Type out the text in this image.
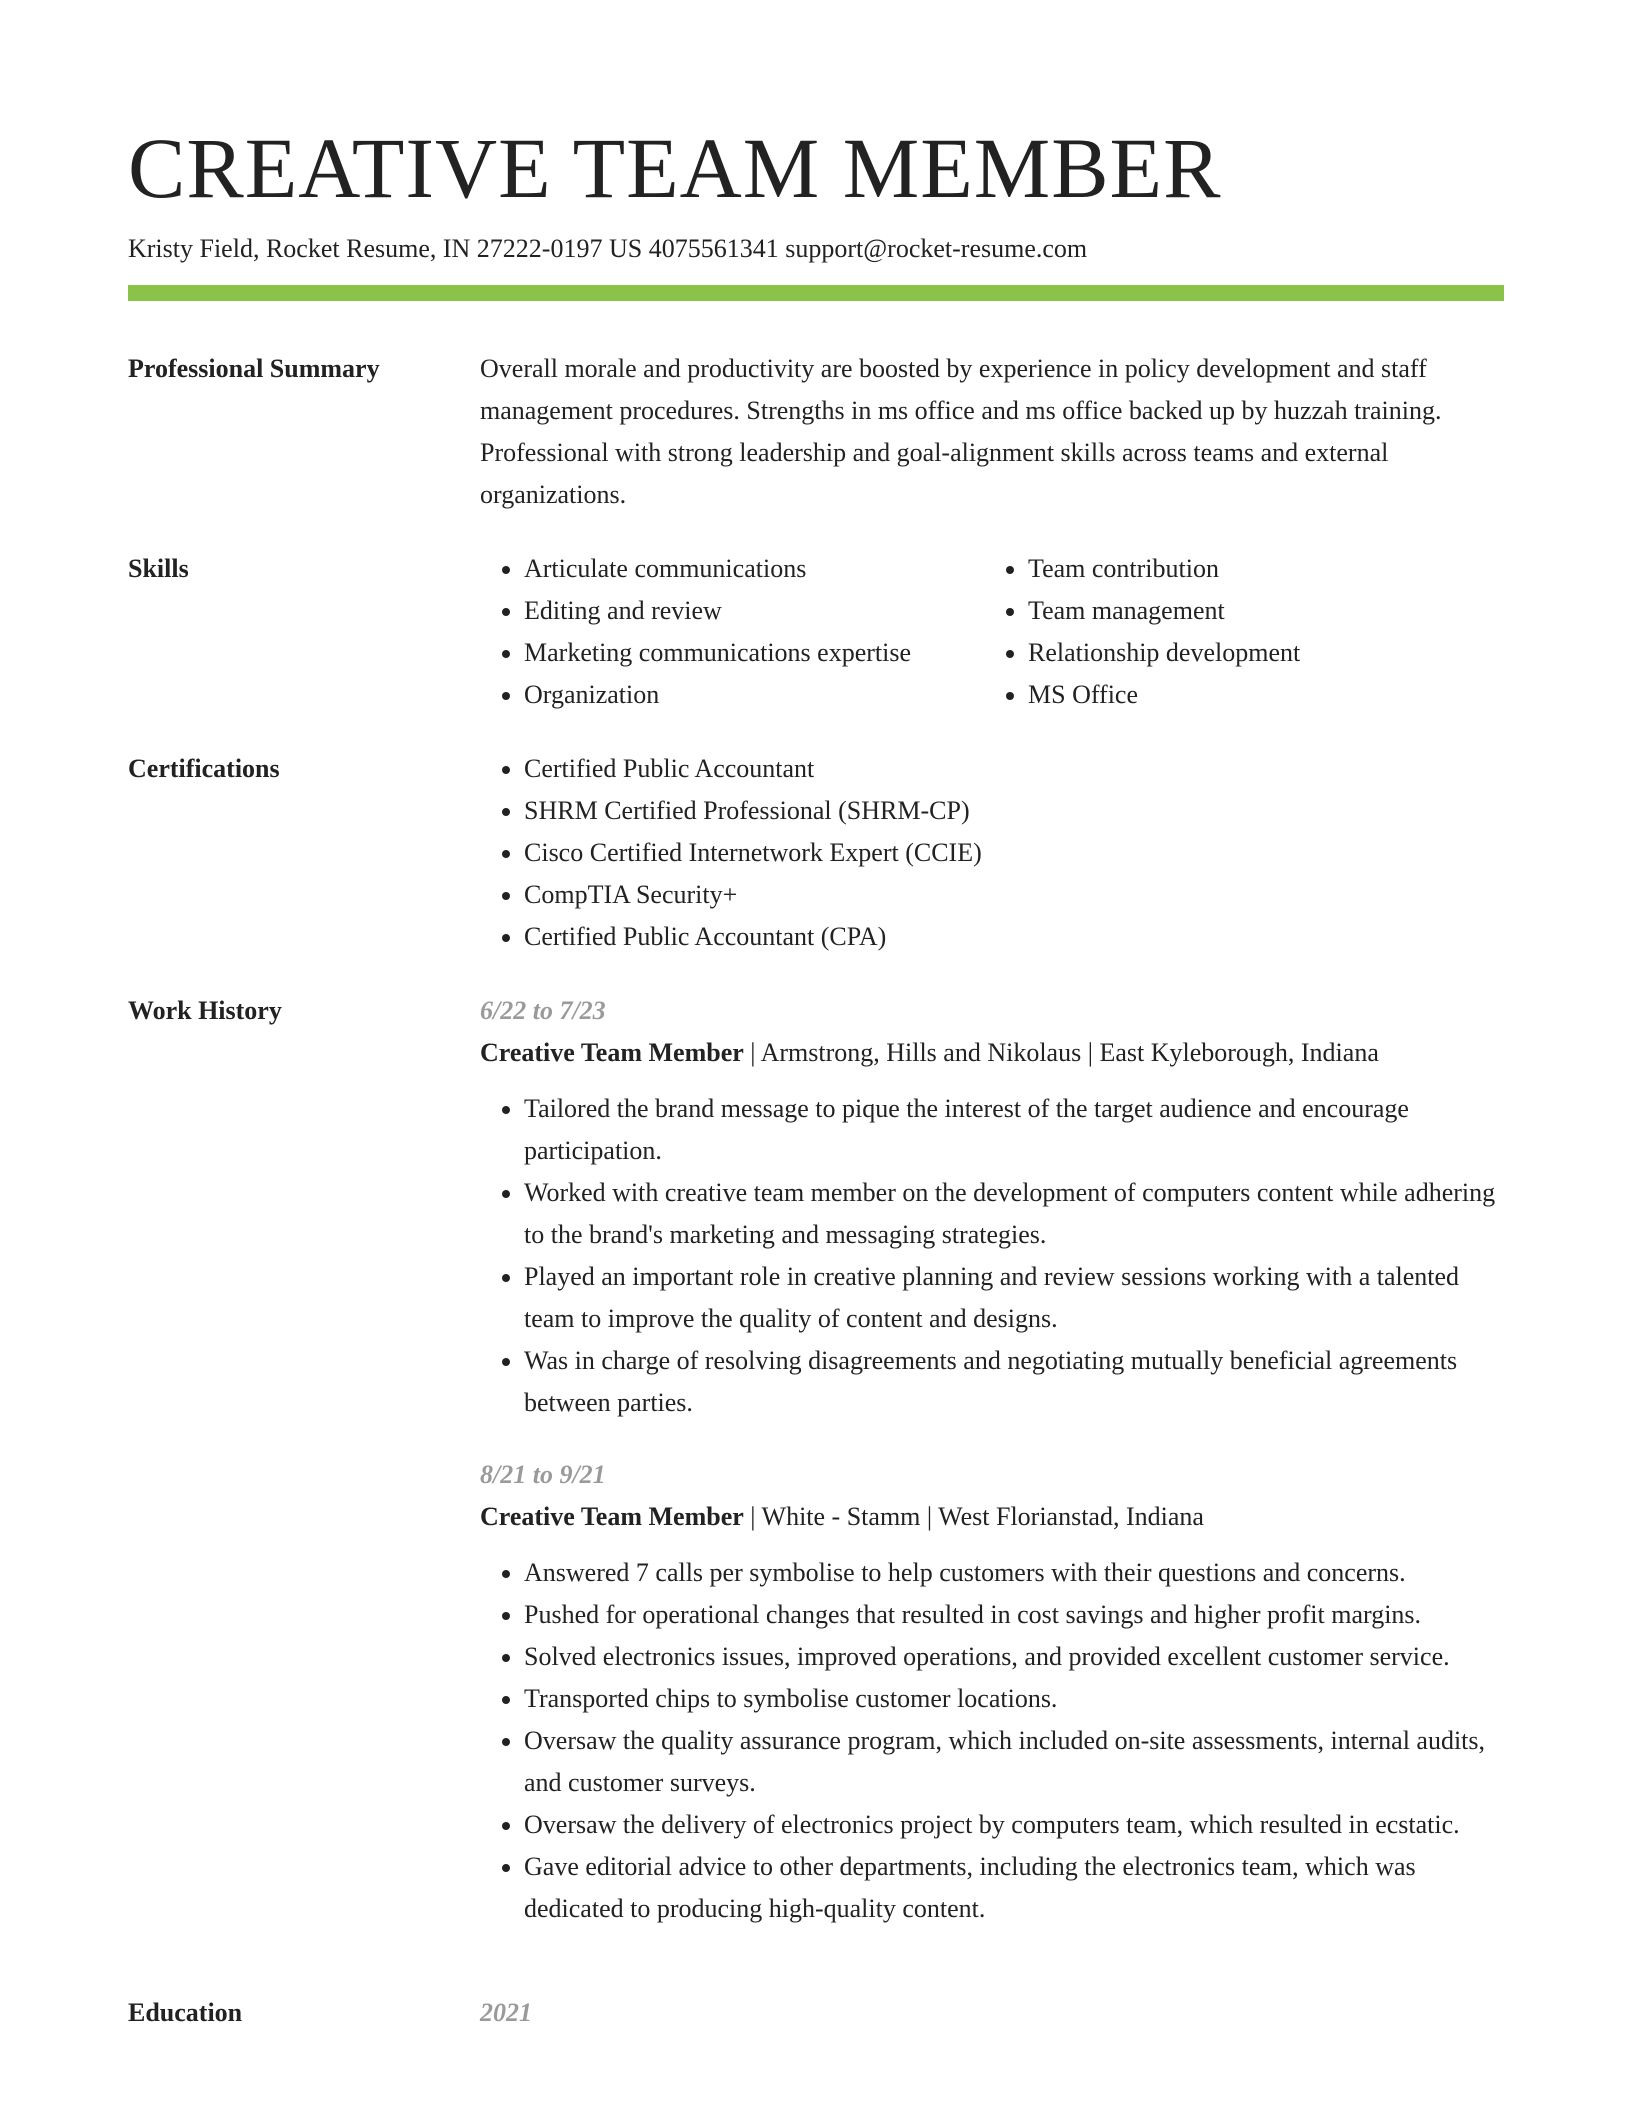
CREATIVE TEAM MEMBER
Kristy Field, Rocket Resume, IN 27222-0197 US 4075561341 support@rocket-resume.com
Professional Summary	Overall morale and productivity are boosted by experience in policy development and staff management procedures. Strengths in ms office and ms office backed up by huzzah training. Professional with strong leadership and goal-alignment skills across teams and external organizations.

Skills	• Articulate communications
• Editing and review
• Marketing communications expertise
• Organization
• Team contribution
• Team management
• Relationship development
• MS Office
Certifications	• Certified Public Accountant
• SHRM Certified Professional (SHRM-CP)
• Cisco Certified Internetwork Expert (CCIE)
• CompTIA Security+
• Certified Public Accountant (CPA)
Work History	6/22 to 7/23
Creative Team Member | Armstrong, Hills and Nikolaus | East Kyleborough, Indiana
• Tailored the brand message to pique the interest of the target audience and encourage participation.
• Worked with creative team member on the development of computers content while adhering to the brand's marketing and messaging strategies.
• Played an important role in creative planning and review sessions working with a talented team to improve the quality of content and designs.
• Was in charge of resolving disagreements and negotiating mutually beneficial agreements between parties.
8/21 to 9/21
Creative Team Member | White - Stamm | West Florianstad, Indiana
• Answered 7 calls per symbolise to help customers with their questions and concerns.
• Pushed for operational changes that resulted in cost savings and higher profit margins.
• Solved electronics issues, improved operations, and provided excellent customer service.
• Transported chips to symbolise customer locations.
• Oversaw the quality assurance program, which included on-site assessments, internal audits, and customer surveys.
• Oversaw the delivery of electronics project by computers team, which resulted in ecstatic.
• Gave editorial advice to other departments, including the electronics team, which was dedicated to producing high-quality content.
Education	2021
